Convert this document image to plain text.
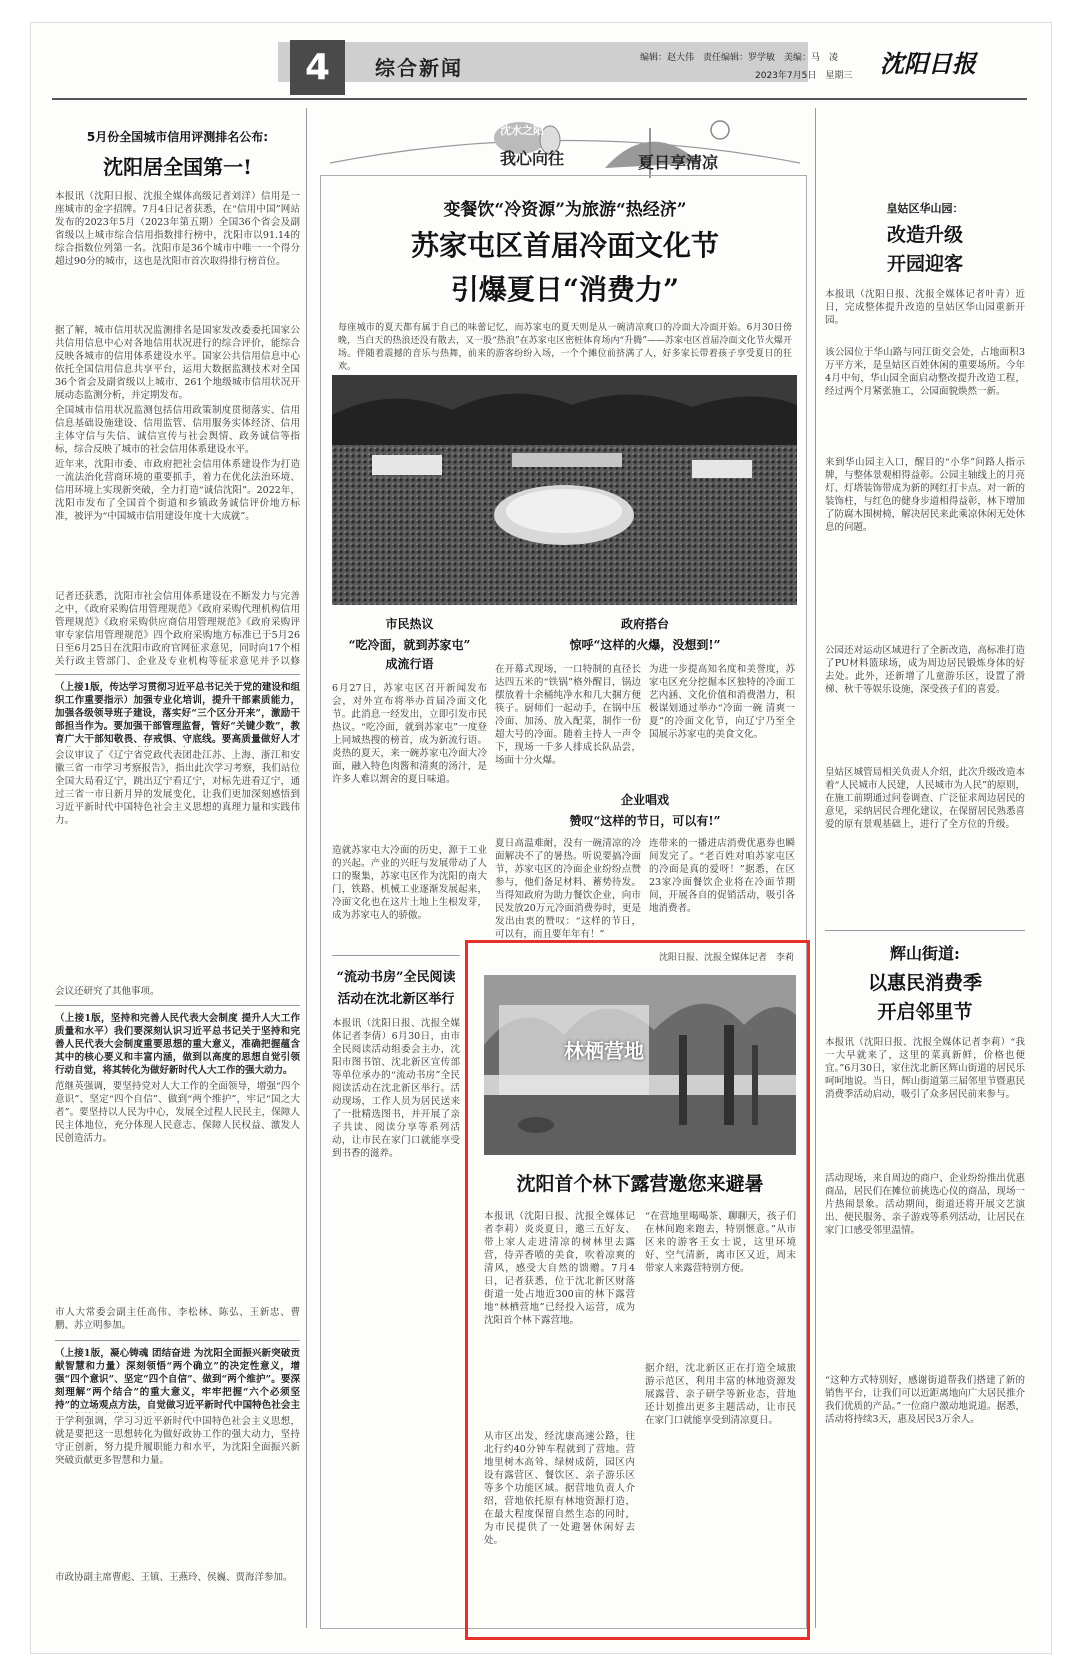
4	综合新闻	编辑：赵大伟　责任编辑：罗学敏　美编：马　凌
2023年7月5日　星期三 沈阳日报
5月份全国城市信用评测排名公布:
沈阳居全国第一!
本报讯（沈阳日报、沈报全媒体高级记者刘洋）信用是一座城市的金字招牌。7月4日记者获悉，在“信用中国”网站发布的2023年5月（2023年第五期）全国36个省会及副省级以上城市综合信用指数排行榜中，沈阳市以91.14的综合指数位列第一名。沈阳市是36个城市中唯一一个得分超过90分的城市，这也是沈阳市首次取得排行榜首位。
据了解，城市信用状况监测排名是国家发改委委托国家公共信用信息中心对各地信用状况进行的综合评价，能综合反映各城市的信用体系建设水平。国家公共信用信息中心依托全国信用信息共享平台，运用大数据监测技术对全国36个省会及副省级以上城市、261个地级城市信用状况开展动态监测分析，并定期发布。
全国城市信用状况监测包括信用政策制度贯彻落实、信用信息基础设施建设、信用监管、信用服务实体经济、信用主体守信与失信、诚信宣传与社会舆情、政务诚信等指标，综合反映了城市的社会信用体系建设水平。
近年来，沈阳市委、市政府把社会信用体系建设作为打造一流法治化营商环境的重要抓手，着力在优化法治环境、信用环境上实现新突破，全力打造“诚信沈阳”。2022年，沈阳市发布了全国首个街道和乡镇政务诚信评价地方标准，被评为“中国城市信用建设年度十大成就”。
记者还获悉，沈阳市社会信用体系建设在不断发力与完善之中，《政府采购信用管理规范》《政府采购代理机构信用管理规范》《政府采购供应商信用管理规范》《政府采购评审专家信用管理规范》四个政府采购地方标准已于5月26日至6月25日在沈阳市政府官网征求意见，同时向17个相关行政主管部门、企业及专业机构等征求意见并予以修
（上接1版，传达学习贯彻习近平总书记关于党的建设和组织工作重要指示）加强专业化培训，提升干部素质能力，加强各级领导班子建设，落实好“三个区分开来”，激励干部担当作为。要加强干部管理监督，管好“关键少数”，教育广大干部知敬畏、存戒惧、守底线。要高质量做好人才
会议审议了《辽宁省党政代表团赴江苏、上海、浙江和安徽三省一市学习考察报告》，指出此次学习考察，我们站位全国大局看辽宁，跳出辽宁看辽宁，对标先进看辽宁，通过三省一市日新月异的发展变化，让我们更加深刻感悟到习近平新时代中国特色社会主义思想的真理力量和实践伟力。
会议还研究了其他事项。
（上接1版，坚持和完善人民代表大会制度 提升人大工作质量和水平）我们要深刻认识习近平总书记关于坚持和完善人民代表大会制度重要思想的重大意义，准确把握蕴含其中的核心要义和丰富内涵，做到以高度的思想自觉引领行动自觉，将其转化为做好新时代人大工作的强大动力。
范继英强调，要坚持党对人大工作的全面领导，增强“四个意识”、坚定“四个自信”、做到“两个维护”，牢记“国之大者”。要坚持以人民为中心，发展全过程人民民主，保障人民主体地位，充分体现人民意志、保障人民权益、激发人民创造活力。
市人大常委会副主任高伟、李松林、陈弘、王新忠、曹鹏、苏立明参加。
（上接1版，凝心铸魂 团结奋进 为沈阳全面振兴新突破贡献智慧和力量）深刻领悟“两个确立”的决定性意义，增强“四个意识”、坚定“四个自信”、做到“两个维护”。要深刻理解“两个结合”的重大意义，牢牢把握“六个必须坚持”的立场观点方法，自觉做习近平新时代中国特色社会主
于学利强调，学习习近平新时代中国特色社会主义思想，就是要把这一思想转化为做好政协工作的强大动力，坚持守正创新，努力提升履职能力和水平，为沈阳全面振兴新突破贡献更多智慧和力量。
市政协副主席曹彪、王镇、王燕玲、侯巍、贾海洋参加。
沈水之阳
我心向往	夏日享清凉
变餐饮“冷资源”为旅游“热经济”
苏家屯区首届冷面文化节
引爆夏日“消费力”
每座城市的夏天都有属于自己的味蕾记忆，而苏家屯的夏天则是从一碗清凉爽口的冷面大冷面开始。6月30日傍晚，当白天的热浪还没有散去，又一股“热浪”在苏家屯区密桩体育场内“升腾”——苏家屯区首届冷面文化节火爆开场。伴随着震撼的音乐与热舞，前来的游客纷纷入场，一个个摊位前挤满了人，好多家长带着孩子享受夏日的狂欢。
市民热议
“吃冷面，就到苏家屯”
成流行语
6月27日，苏家屯区召开新闻发布会，对外宣布将举办首届冷面文化节。此消息一经发出，立即引发市民热议。“吃冷面，就到苏家屯”一度登上同城热搜的榜首，成为新流行语。炎热的夏天，来一碗苏家屯冷面大冷面，融入特色肉酱和清爽的汤汁，是许多人难以割舍的夏日味道。
造就苏家屯大冷面的历史，源于工业的兴起。产业的兴旺与发展带动了人口的聚集，苏家屯区作为沈阳的南大门，铁路、机械工业逐渐发展起来，冷面文化也在这片土地上生根发芽，成为苏家屯人的骄傲。
政府搭台
惊呼“这样的火爆，没想到!”
在开幕式现场，一口特制的直径长达四五米的“铁锅”格外醒目，锅边摆放着十余桶纯净水和几大捆方便筷子。厨师们一起动手，在锅中压冷面、加汤、放入配菜，制作一份超大号的冷面。随着主持人一声令下，现场一千多人排成长队品尝，场面十分火爆。
为进一步提高知名度和美誉度，苏家屯区充分挖掘本区独特的冷面工艺内涵、文化价值和消费潜力，积极谋划通过举办“冷面一碗 清爽一夏”的冷面文化节，向辽宁乃至全国展示苏家屯的美食文化。
企业唱戏
赞叹“这样的节日，可以有!”
夏日高温难耐，没有一碗清凉的冷面解决不了的暑热。听说要搞冷面节，苏家屯区的冷面企业纷纷点赞参与，他们备足材料、蓄势待发。当得知政府为助力餐饮企业，向市民发放20万元冷面消费券时，更是发出由衷的赞叹：“这样的节日，可以有，而且要年年有！”
连带来的一播进店消费优惠券也瞬间发完了。“老百姓对咱苏家屯区的冷面是真的爱呀！”据悉，在区23家冷面餐饮企业将在冷面节期间，开展各自的促销活动，吸引各地消费者。
“流动书房”全民阅读
活动在沈北新区举行
本报讯（沈阳日报、沈报全媒体记者李倩）6月30日，由市全民阅读活动组委会主办，沈阳市图书馆、沈北新区宣传部等单位承办的“流动书房”全民阅读活动在沈北新区举行。活动现场，工作人员为居民送来了一批精选图书，并开展了亲子共读、阅读分享等系列活动，让市民在家门口就能享受到书香的滋养。
沈阳日报、沈报全媒体记者　李莉
林栖营地
沈阳首个林下露营邀您来避暑
本报讯（沈阳日报、沈报全媒体记者李莉）炎炎夏日，邀三五好友、带上家人走进清凉的树林里去露营，侍弄香喷的美食，吹着凉爽的清风，感受大自然的馈赠。7月4日，记者获悉，位于沈北新区财落街道一处占地近300亩的林下露营地“林栖营地”已经投入运营，成为沈阳首个林下露营地。
从市区出发，经沈康高速公路，往北行约40分钟车程就到了营地。营地里树木高耸、绿树成荫，园区内设有露营区、餐饮区、亲子游乐区等多个功能区域。据营地负责人介绍，营地依托原有林地资源打造，在最大程度保留自然生态的同时，为市民提供了一处避暑休闲好去处。
“在营地里喝喝茶、聊聊天，孩子们在林间跑来跑去，特别惬意。”从市区来的游客王女士说，这里环境好、空气清新，离市区又近，周末带家人来露营特别方便。
据介绍，沈北新区正在打造全域旅游示范区，利用丰富的林地资源发展露营、亲子研学等新业态，营地还计划推出更多主题活动，让市民在家门口就能享受到清凉夏日。
皇姑区华山园：
改造升级
开园迎客
本报讯（沈阳日报、沈报全媒体记者叶青）近日，完成整体提升改造的皇姑区华山园重新开园。
该公园位于华山路与同江街交会处，占地面积3万平方米，是皇姑区百姓休闲的重要场所。今年4月中旬，华山园全面启动整改提升改造工程，经过两个月紧张施工，公园面貌焕然一新。
来到华山园主入口，醒目的“小华”问路人指示牌，与整体景观相得益彰。公园主轴线上的月亮灯、灯塔装饰带成为新的网红打卡点。对一新的装饰柱，与红色的健身步道相得益彰，林下增加了防腐木围树椅，解决居民来此乘凉休闲无处休息的问题。
公园还对运动区域进行了全新改造，高标准打造了PU材料篮球场，成为周边居民锻炼身体的好去处。此外，还新增了儿童游乐区，设置了滑梯、秋千等娱乐设施，深受孩子们的喜爱。
皇姑区城管局相关负责人介绍，此次升级改造本着“人民城市人民建，人民城市为人民”的原则，在施工前期通过问卷调查、广泛征求周边居民的意见，采纳居民合理化建议，在保留居民熟悉喜爱的原有景观基础上，进行了全方位的升级。
辉山街道:
以惠民消费季
开启邻里节
本报讯（沈阳日报、沈报全媒体记者李莉）“我一大早就来了，这里的菜真新鲜，价格也便宜。”6月30日，家住沈北新区辉山街道的居民乐呵呵地说。当日，辉山街道第三届邻里节暨惠民消费季活动启动，吸引了众多居民前来参与。
活动现场，来自周边的商户、企业纷纷推出优惠商品，居民们在摊位前挑选心仪的商品，现场一片热闹景象。活动期间，街道还将开展文艺演出、便民服务、亲子游戏等系列活动，让居民在家门口感受邻里温情。
“这种方式特别好，感谢街道帮我们搭建了新的销售平台，让我们可以近距离地向广大居民推介我们优质的产品。”一位商户激动地说道。据悉，活动将持续3天，惠及居民3万余人。
